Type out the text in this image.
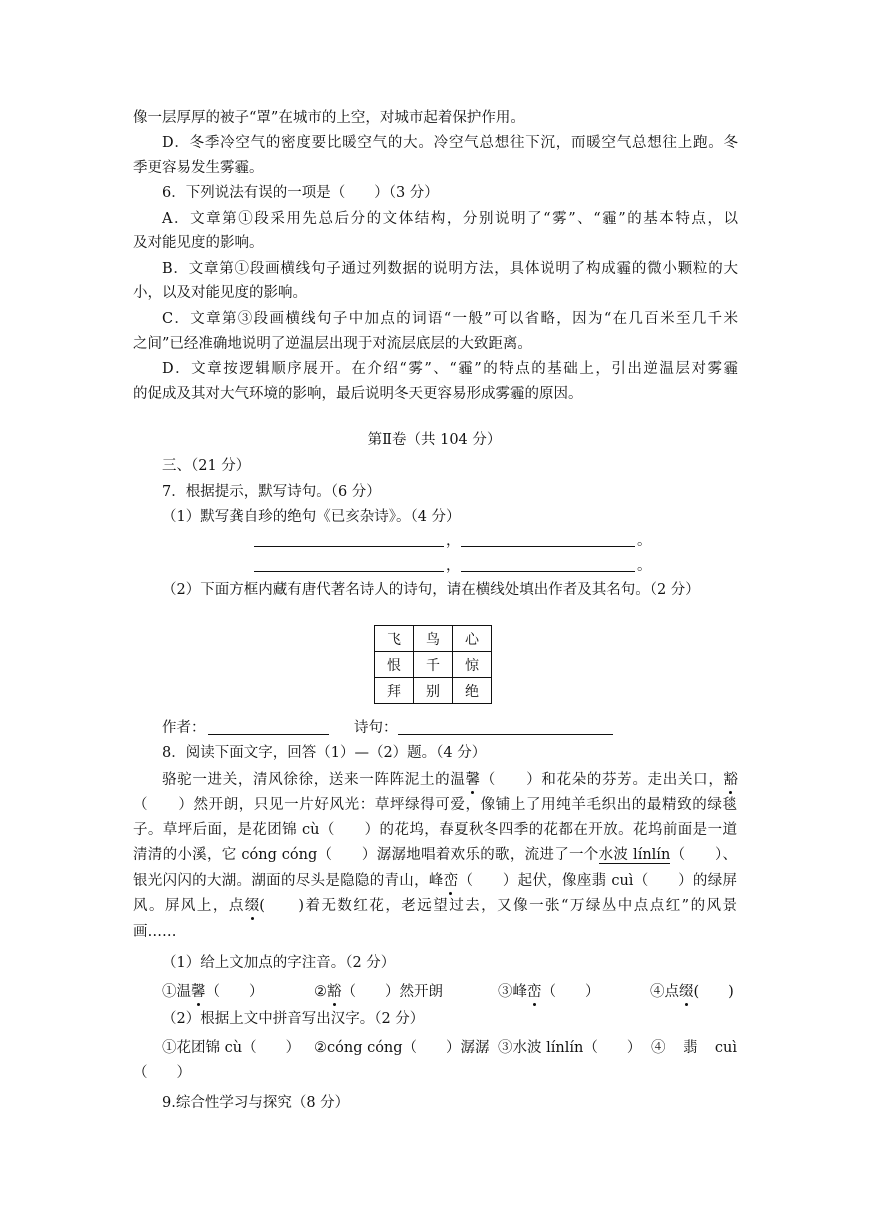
像一层厚厚的被子“罩”在城市的上空，对城市起着保护作用。
D．冬季冷空气的密度要比暖空气的大。冷空气总想往下沉，而暖空气总想往上跑。冬
季更容易发生雾霾。
6．下列说法有误的一项是（　　）（3 分）
A．文章第①段采用先总后分的文体结构，分别说明了“雾”、“霾”的基本特点，以
及对能见度的影响。
B．文章第①段画横线句子通过列数据的说明方法，具体说明了构成霾的微小颗粒的大
小，以及对能见度的影响。
C．文章第③段画横线句子中加点的词语“一般”可以省略，因为“在几百米至几千米
之间”已经准确地说明了逆温层出现于对流层底层的大致距离。
D．文章按逻辑顺序展开。在介绍“雾”、“霾”的特点的基础上，引出逆温层对雾霾
的促成及其对大气环境的影响，最后说明冬天更容易形成雾霾的原因。
第Ⅱ卷（共 104 分）
三、（21 分）
7．根据提示，默写诗句。（6 分）
（1）默写龚自珍的绝句《已亥杂诗》。（4 分）
，	。
，	。
（2）下面方框内藏有唐代著名诗人的诗句，请在横线处填出作者及其名句。（2 分）
飞	鸟	心
恨	千	惊
拜	别	绝
作者：	诗句：
8．阅读下面文字，回答（1）—（2）题。（4 分）
骆驼一进关，清风徐徐，送来一阵阵泥土的温馨（　　）和花朵的芬芳。走出关口，豁
（　　）然开朗，只见一片好风光：草坪绿得可爱，像铺上了用纯羊毛织出的最精致的绿毯
子。草坪后面，是花团锦 cù（　　）的花坞，春夏秋冬四季的花都在开放。花坞前面是一道
清清的小溪，它 cóng cóng（　　）潺潺地唱着欢乐的歌，流进了一个水波 línlín（　　）、
银光闪闪的大湖。湖面的尽头是隐隐的青山，峰峦（　　）起伏，像座翡 cuì（　　）的绿屏
风。屏风上，点缀(　　)着无数红花，老远望过去，又像一张“万绿丛中点点红”的风景
画……
（1）给上文加点的字注音。（2 分）
①温馨（　　）	②豁（　　）然开朗	③峰峦（　　）	④点缀(　　)
（2）根据上文中拼音写出汉字。（2 分）
①花团锦 cù（　　） ②cóng cóng（　　）潺潺 ③水波 línlín（　　） ④　翡　cuì
（　　）
9.综合性学习与探究（8 分）
